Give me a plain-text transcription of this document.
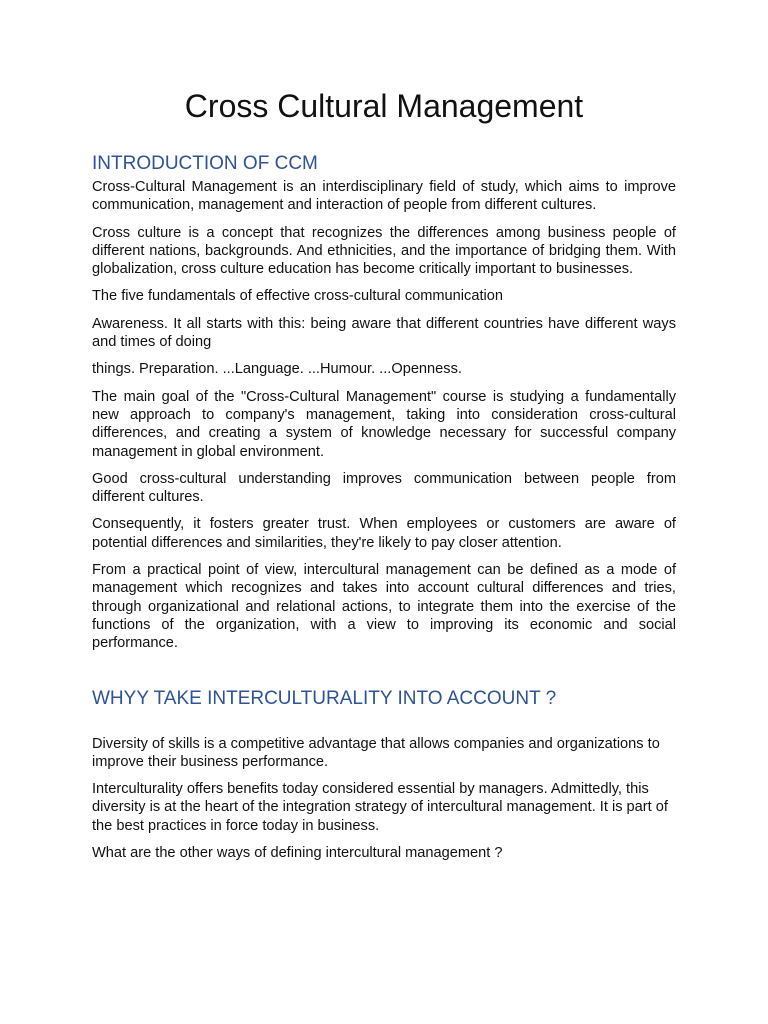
Cross Cultural Management
INTRODUCTION OF CCM

Cross-Cultural Management is an interdisciplinary field of study, which aims to improve communication, management and interaction of people from different cultures.

Cross culture is a concept that recognizes the differences among business people of different nations, backgrounds. And ethnicities, and the importance of bridging them. With globalization, cross culture education has become critically important to businesses.

The five fundamentals of effective cross-cultural communication

Awareness. It all starts with this: being aware that different countries have different ways and times of doing

things. Preparation. ...Language. ...Humour. ...Openness.

The main goal of the "Cross-Cultural Management" course is studying a fundamentally new approach to company's management, taking into consideration cross-cultural differences, and creating a system of knowledge necessary for successful company management in global environment.

Good cross-cultural understanding improves communication between people from different cultures.

Consequently, it fosters greater trust. When employees or customers are aware of potential differences and similarities, they're likely to pay closer attention.

From a practical point of view, intercultural management can be defined as a mode of management which recognizes and takes into account cultural differences and tries, through organizational and relational actions, to integrate them into the exercise of the functions of the organization, with a view to improving its economic and social performance.

WHYY TAKE INTERCULTURALITY INTO ACCOUNT ?

Diversity of skills is a competitive advantage that allows companies and organizations to improve their business performance.

Interculturality offers benefits today considered essential by managers. Admittedly, this diversity is at the heart of the integration strategy of intercultural management. It is part of the best practices in force today in business.

What are the other ways of defining intercultural management ?
